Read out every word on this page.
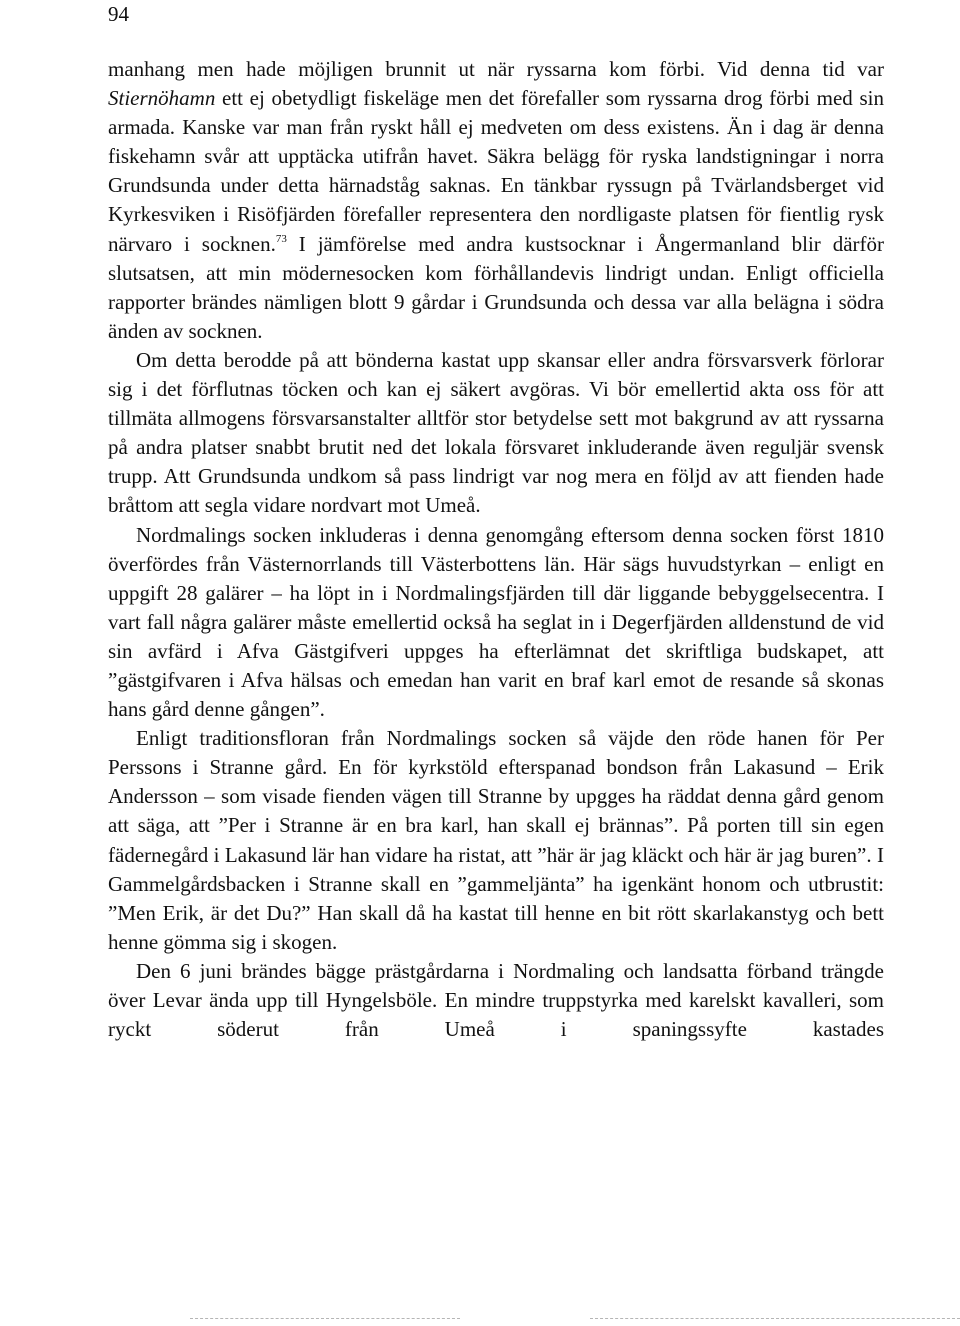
94

manhang men hade möjligen brunnit ut när ryssarna kom förbi. Vid denna tid var Stiernöhamn ett ej obetydligt fiskeläge men det förefaller som ryssarna drog förbi med sin armada. Kanske var man från ryskt håll ej medveten om dess existens. Än i dag är denna fiskehamn svår att upptäcka utifrån havet. Säkra belägg för ryska landstigningar i norra Grundsunda under detta härnadståg saknas. En tänkbar ryssugn på Tvärlandsberget vid Kyrkesviken i Risöfjärden förefaller representera den nordligaste platsen för fientlig rysk närvaro i socknen.$^{73}$ I jämförelse med andra kustsocknar i Ångermanland blir därför slutsatsen, att min mödernesocken kom förhållandevis lindrigt undan. Enligt officiella rapporter brändes nämligen blott 9 gårdar i Grundsunda och dessa var alla belägna i södra änden av socknen.

Om detta berodde på att bönderna kastat upp skansar eller andra försvarsverk förlorar sig i det förflutnas töcken och kan ej säkert avgöras. Vi bör emellertid akta oss för att tillmäta allmogens försvarsanstalter alltför stor betydelse sett mot bakgrund av att ryssarna på andra platser snabbt brutit ned det lokala försvaret inkluderande även reguljär svensk trupp. Att Grundsunda undkom så pass lindrigt var nog mera en följd av att fienden hade bråttom att segla vidare nordvart mot Umeå.

Nordmalings socken inkluderas i denna genomgång eftersom denna socken först 1810 överfördes från Västernorrlands till Västerbottens län. Här sägs huvudstyrkan – enligt en uppgift 28 galärer – ha löpt in i Nordmalingsfjärden till där liggande bebyggelsecentra. I vart fall några galärer måste emellertid också ha seglat in i Degerfjärden alldenstund de vid sin avfärd i Afva Gästgifveri uppges ha efterlämnat det skriftliga budskapet, att ”gästgifvaren i Afva hälsas och emedan han varit en braf karl emot de resande så skonas hans gård denne gången”.

Enligt traditionsfloran från Nordmalings socken så väjde den röde hanen för Per Perssons i Stranne gård. En för kyrkstöld efterspanad bondson från Lakasund – Erik Andersson – som visade fienden vägen till Stranne by upgges ha räddat denna gård genom att säga, att ”Per i Stranne är en bra karl, han skall ej brännas”. På porten till sin egen fädernegård i Lakasund lär han vidare ha ristat, att ”här är jag kläckt och här är jag buren”. I Gammelgårdsbacken i Stranne skall en ”gammeljänta” ha igenkänt honom och utbrustit: ”Men Erik, är det Du?” Han skall då ha kastat till henne en bit rött skarlakanstyg och bett henne gömma sig i skogen.

Den 6 juni brändes bägge prästgårdarna i Nordmaling och landsatta förband trängde över Levar ända upp till Hyngelsböle. En mindre truppstyrka med karelskt kavalleri, som ryckt söderut från Umeå i spaningssyfte kastades
